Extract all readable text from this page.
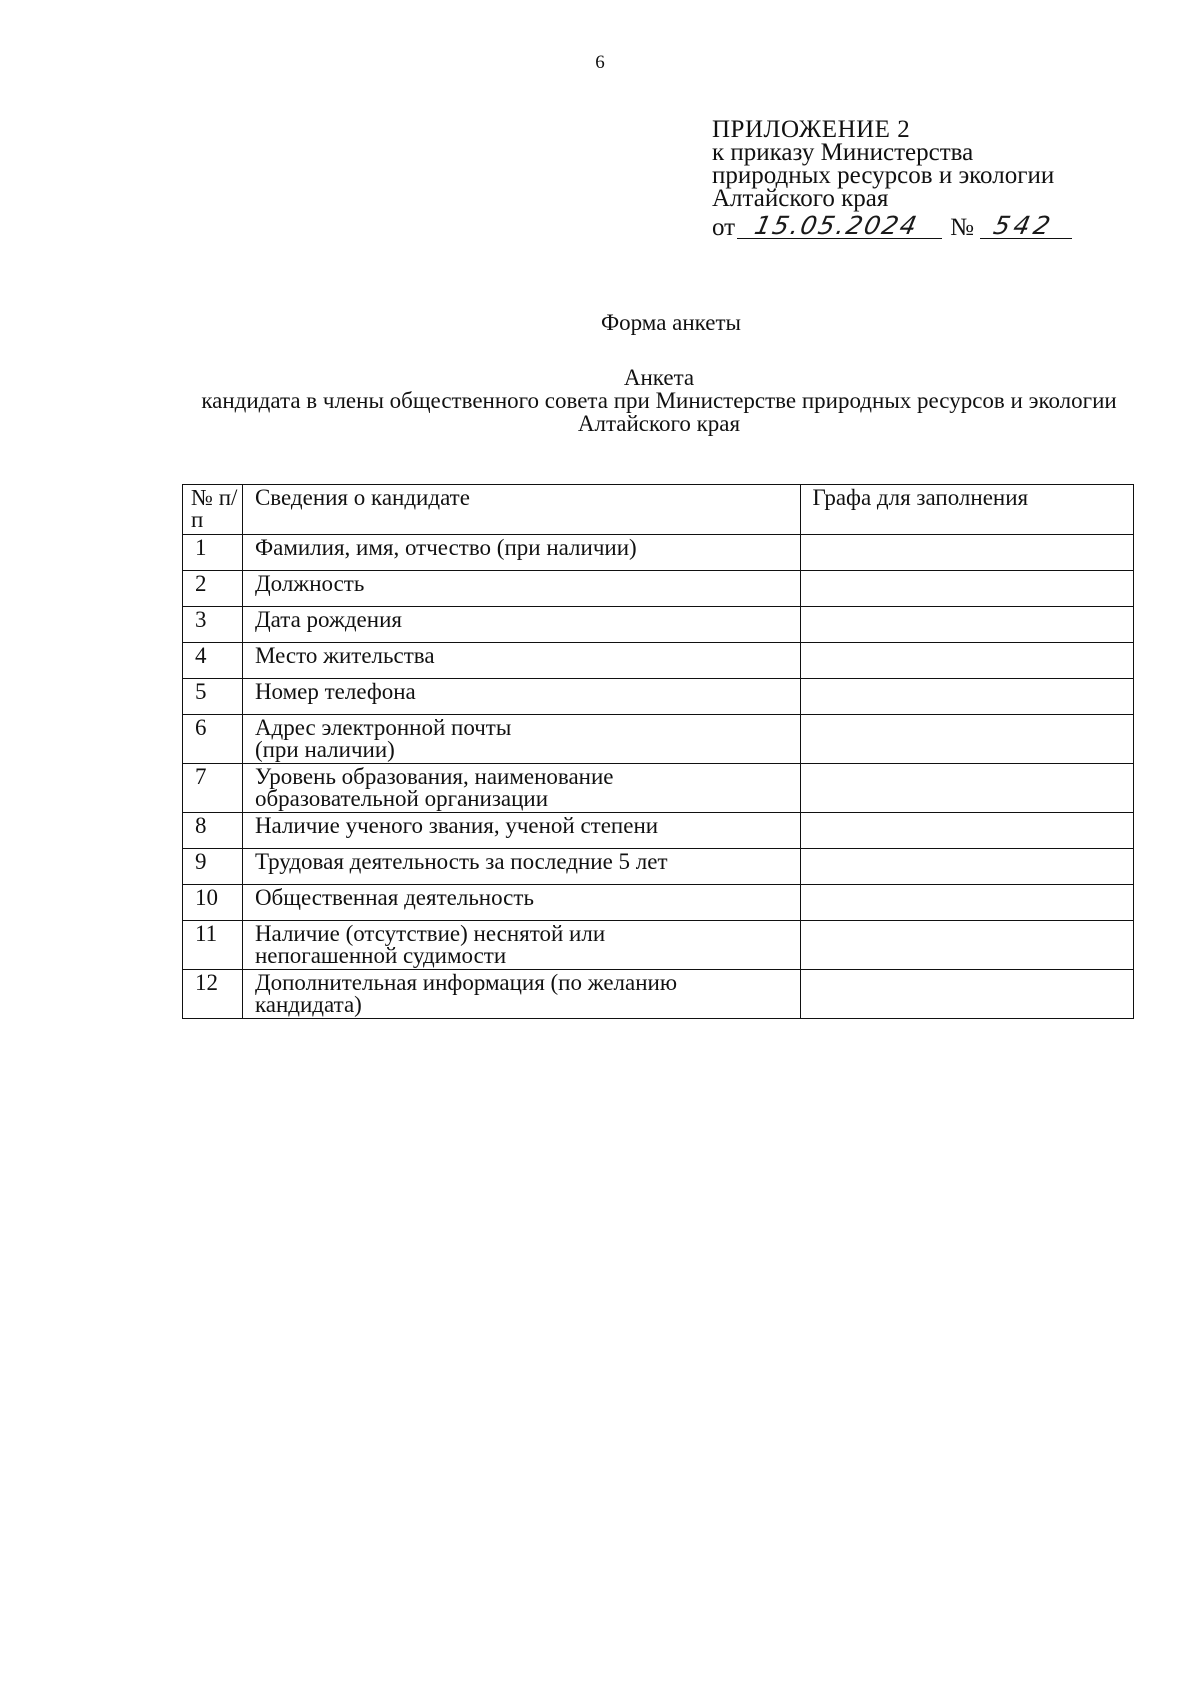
6
ПРИЛОЖЕНИЕ 2
к приказу Министерства
природных ресурсов и экологии
Алтайского края
от 15.05.2024 № 542
Форма анкеты
Анкета
кандидата в члены общественного совета при Министерстве природных ресурсов и экологии Алтайского края
№ п/п	Сведения о кандидате	Графа для заполнения
1	Фамилия, имя, отчество (при наличии)	
2	Должность	
3	Дата рождения	
4	Место жительства	
5	Номер телефона	
6	Адрес электронной почты (при наличии)	
7	Уровень образования, наименование образовательной организации	
8	Наличие ученого звания, ученой степени	
9	Трудовая деятельность за последние 5 лет	
10	Общественная деятельность	
11	Наличие (отсутствие) неснятой или непогашенной судимости	
12	Дополнительная информация (по желанию кандидата)	
